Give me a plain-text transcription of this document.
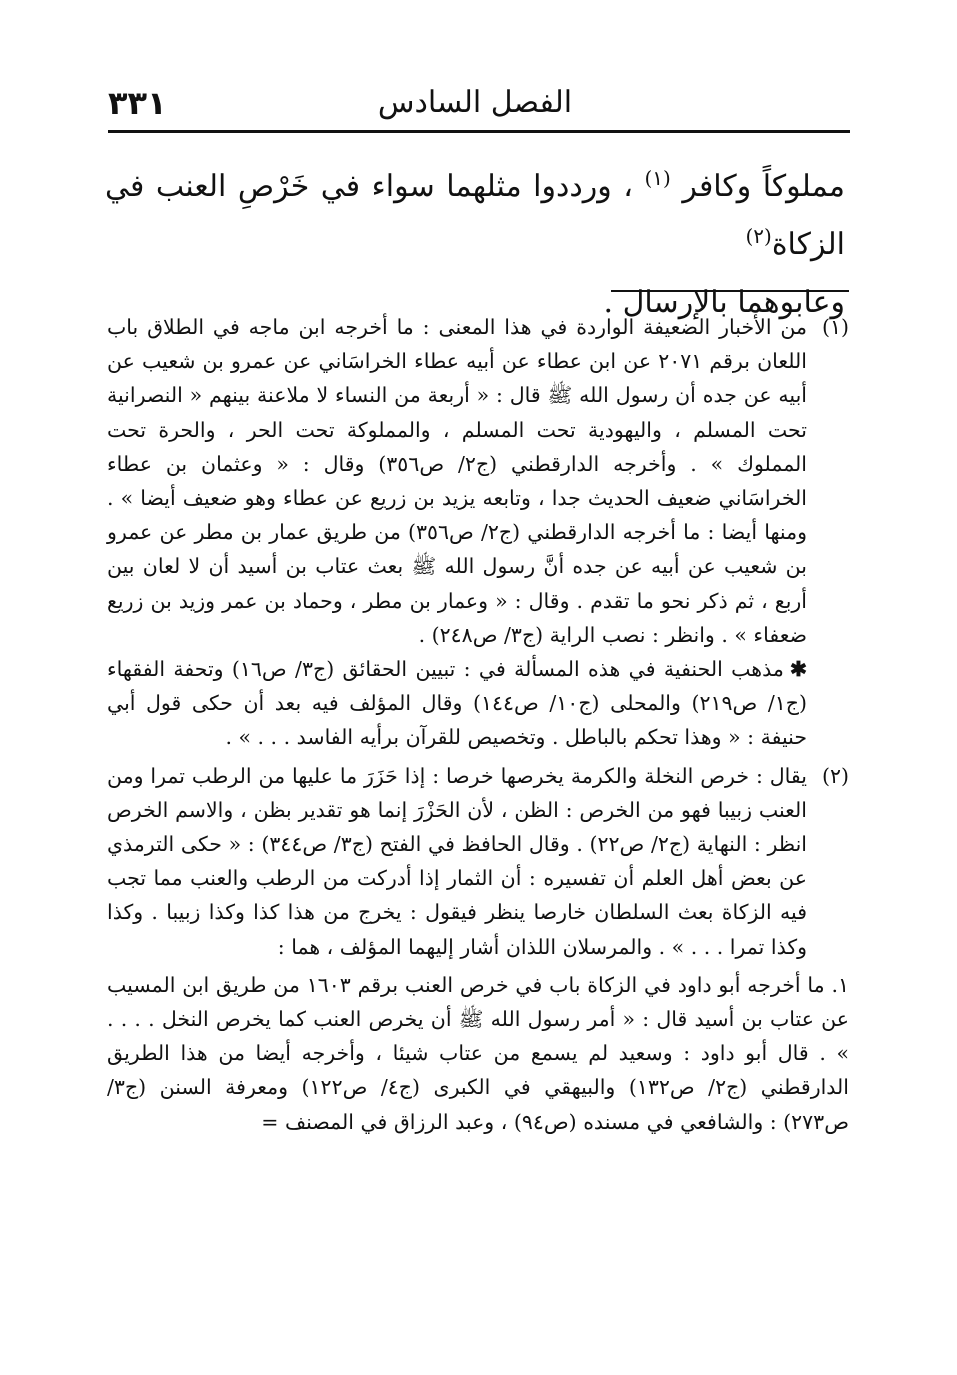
الفصل السادس
٣٣١

مملوكاً وكافر $^{(١)}$ ، ورددوا مثلهما سواء في خَرْصِ العنب في الزكاة$^{(٢)}$

وعابوهما بالإرسال .

(١)

من الأخبار الضعيفة الواردة في هذا المعنى : ما أخرجه ابن ماجه في الطلاق باب اللعان برقم ٢٠٧١ عن ابن عطاء عن أبيه عطاء الخراسَاني عن عمرو بن شعيب عن أبيه عن جده أن رسول الله ﷺ قال : « أربعة من النساء لا ملاعنة بينهم « النصرانية تحت المسلم ، واليهودية تحت المسلم ، والمملوكة تحت الحر ، والحرة تحت المملوك » . وأخرجه الدارقطني (ج٢/ ص٣٥٦) وقال : « وعثمان بن عطاء الخراسَاني ضعيف الحديث جدا ، وتابعه يزيد بن زريع عن عطاء وهو ضعيف أيضا » . ومنها أيضا : ما أخرجه الدارقطني (ج٢/ ص٣٥٦) من طريق عمار بن مطر عن عمرو بن شعيب عن أبيه عن جده أنَّ رسول الله ﷺ بعث عتاب بن أسيد أن لا لعان بين أربع ، ثم ذكر نحو ما تقدم . وقال : « وعمار بن مطر ، وحماد بن عمر وزيد بن زريع ضعفاء » . وانظر : نصب الراية (ج٣/ ص٢٤٨) .

✱مذهب الحنفية في هذه المسألة في : تبيين الحقائق (ج٣/ ص١٦) وتحفة الفقهاء (ج١/ ص٢١٩) والمحلى (ج١٠/ ص١٤٤) وقال المؤلف فيه بعد أن حكى قول أبي حنيفة : « وهذا تحكم بالباطل . وتخصيص للقرآن برأيه الفاسد . . . » .

(٢)

يقال : خرص النخلة والكرمة يخرصها خرصا : إذا حَزَرَ ما عليها من الرطب تمرا ومن العنب زبيبا فهو من الخرص : الظن ، لأن الحَزْرَ إنما هو تقدير بظن ، والاسم الخرص انظر : النهاية (ج٢/ ص٢٢) . وقال الحافظ في الفتح (ج٣/ ص٣٤٤) : « حكى الترمذي عن بعض أهل العلم أن تفسيره : أن الثمار إذا أدركت من الرطب والعنب مما تجب فيه الزكاة بعث السلطان خارصا ينظر فيقول : يخرج من هذا كذا وكذا زبيبا . وكذا وكذا تمرا . . . » . والمرسلان اللذان أشار إليهما المؤلف ، هما :

١. ما أخرجه أبو داود في الزكاة باب في خرص العنب برقم ١٦٠٣ من طريق ابن المسيب عن عتاب بن أسيد قال : « أمر رسول الله ﷺ أن يخرص العنب كما يخرص النخل . . . . » . قال أبو داود : وسعيد لم يسمع من عتاب شيئا ، وأخرجه أيضا من هذا الطريق الدارقطني (ج٢/ ص١٣٢) والبيهقي في الكبرى (ج٤/ ص١٢٢) ومعرفة السنن (ج٣/ ص٢٧٣) : والشافعي في مسنده (ص٩٤) ، وعبد الرزاق في المصنف =
